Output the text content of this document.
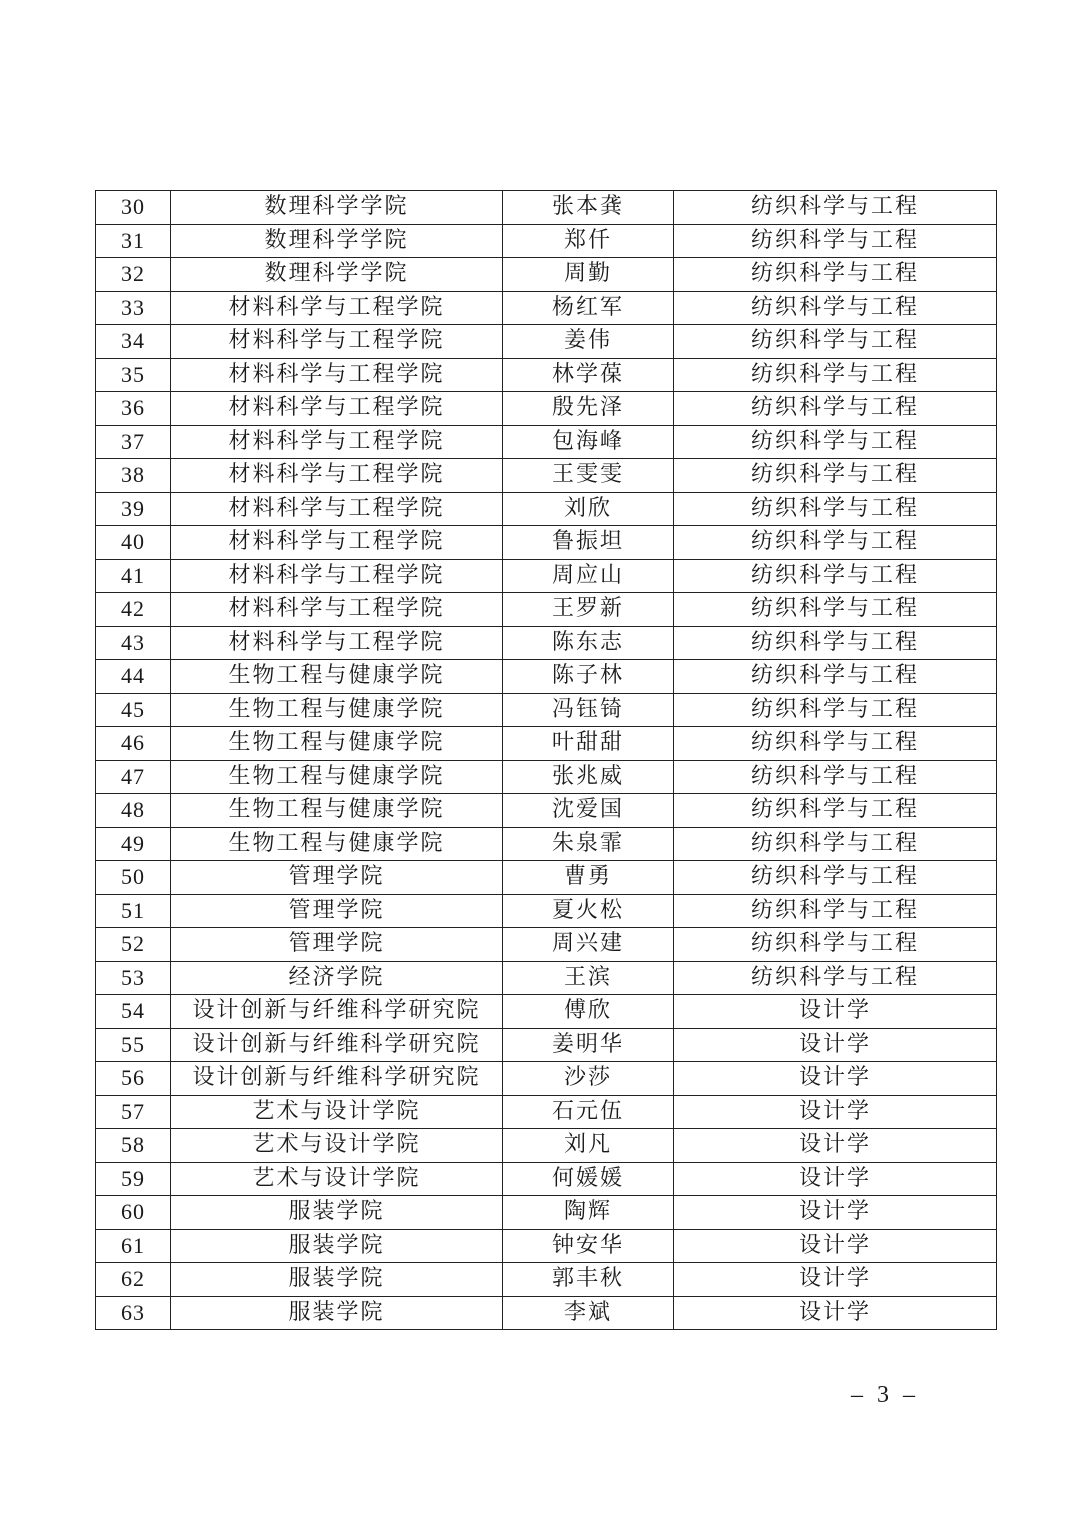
30	数理科学学院	张本龚	纺织科学与工程
31	数理科学学院	郑仟	纺织科学与工程
32	数理科学学院	周勤	纺织科学与工程
33	材料科学与工程学院	杨红军	纺织科学与工程
34	材料科学与工程学院	姜伟	纺织科学与工程
35	材料科学与工程学院	林学葆	纺织科学与工程
36	材料科学与工程学院	殷先泽	纺织科学与工程
37	材料科学与工程学院	包海峰	纺织科学与工程
38	材料科学与工程学院	王雯雯	纺织科学与工程
39	材料科学与工程学院	刘欣	纺织科学与工程
40	材料科学与工程学院	鲁振坦	纺织科学与工程
41	材料科学与工程学院	周应山	纺织科学与工程
42	材料科学与工程学院	王罗新	纺织科学与工程
43	材料科学与工程学院	陈东志	纺织科学与工程
44	生物工程与健康学院	陈子林	纺织科学与工程
45	生物工程与健康学院	冯钰锜	纺织科学与工程
46	生物工程与健康学院	叶甜甜	纺织科学与工程
47	生物工程与健康学院	张兆威	纺织科学与工程
48	生物工程与健康学院	沈爱国	纺织科学与工程
49	生物工程与健康学院	朱泉霏	纺织科学与工程
50	管理学院	曹勇	纺织科学与工程
51	管理学院	夏火松	纺织科学与工程
52	管理学院	周兴建	纺织科学与工程
53	经济学院	王滨	纺织科学与工程
54	设计创新与纤维科学研究院	傅欣	设计学
55	设计创新与纤维科学研究院	姜明华	设计学
56	设计创新与纤维科学研究院	沙莎	设计学
57	艺术与设计学院	石元伍	设计学
58	艺术与设计学院	刘凡	设计学
59	艺术与设计学院	何媛媛	设计学
60	服装学院	陶辉	设计学
61	服装学院	钟安华	设计学
62	服装学院	郭丰秋	设计学
63	服装学院	李斌	设计学
– 3 –
